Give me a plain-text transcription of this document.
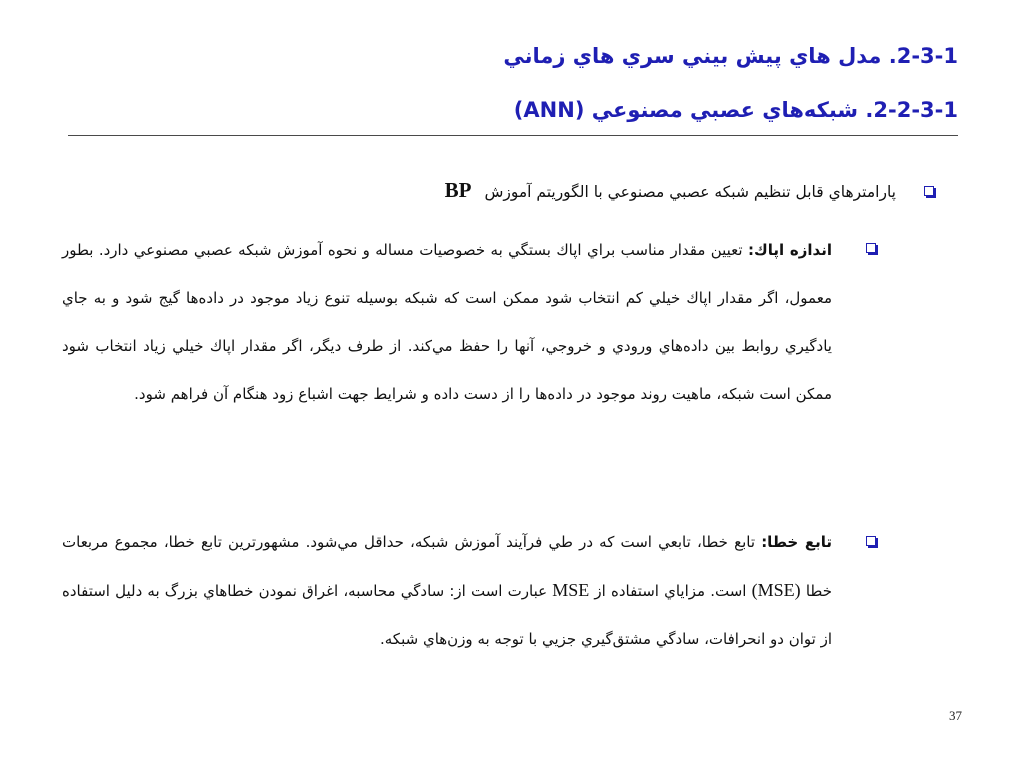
2-3-1. مدل هاي پيش بيني سري هاي زماني
2-2-3-1. شبکه‌هاي عصبي مصنوعي (ANN)
پارامترهاي قابل تنظيم شبكه عصبي مصنوعي با الگوريتم آموزش BP
اندازه اپاك: تعيين مقدار مناسب براي اپاك بستگي به خصوصيات مساله و نحوه آموزش شبكه عصبي مصنوعي دارد. بطور معمول، اگر مقدار اپاك خيلي كم انتخاب شود ممكن است كه شبكه بوسيله تنوع زياد موجود در داده‌ها گيج شود و به جاي يادگيري روابط بين داده‌هاي ورودي و خروجي، آنها را حفظ مي‌كند. از طرف ديگر، اگر مقدار اپاك خيلي زياد انتخاب شود ممكن است شبكه، ماهيت روند موجود در داده‌ها را از دست داده و شرايط جهت اشباع زود هنگام آن فراهم شود.
تابع خطا: تابع خطا، تابعي است كه در طي فرآيند آموزش شبكه، حداقل مي‌شود. مشهورترين تابع خطا، مجموع مربعات خطا (MSE) است. مزاياي استفاده از MSE عبارت است از: سادگي محاسبه، اغراق نمودن خطاهاي بزرگ به دليل استفاده از توان دو انحرافات، سادگي مشتق‌گيري جزيي با توجه به وزن‌هاي شبكه.
37
